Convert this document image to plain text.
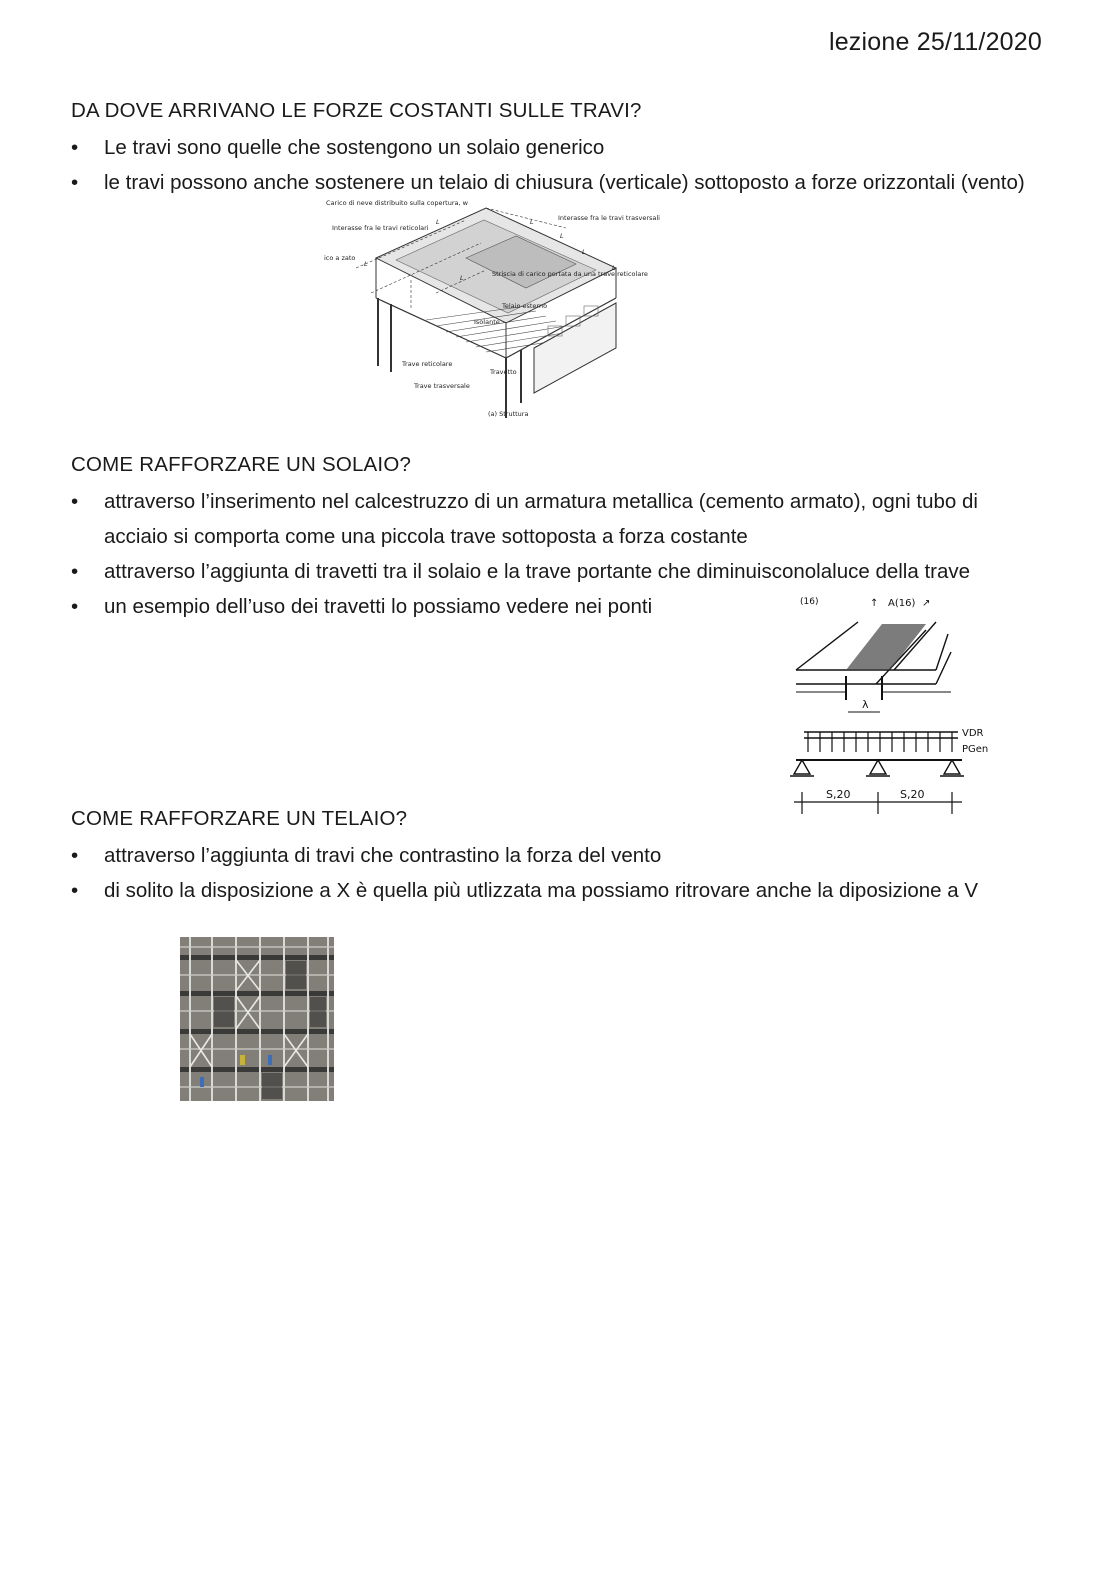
lezione 25/11/2020
DA DOVE ARRIVANO LE FORZE COSTANTI SULLE TRAVI?
• Le travi sono quelle che sostengono un solaio generico
• le travi possono anche sostenere un telaio di chiusura (verticale) sottoposto a forze orizzontali (vento)
Carico di neve distribuito sulla copertura, w
Interasse fra le travi reticolari
Interasse fra le travi trasversali
Striscia di carico portata da una trave reticolare
ico a zato
L
L	L
L
L
L
L
Telaio esterno
Isolante
Trave reticolare
Travetto
Trave trasversale
(a) Struttura
COME RAFFORZARE UN SOLAIO?
• attraverso l’inserimento nel calcestruzzo di un armatura metallica (cemento armato), ogni tubo di acciaio si comporta come una piccola trave sottoposta a forza costante
• attraverso l’aggiunta di travetti tra il solaio e la trave portante che diminuisconolaluce della trave
• un esempio dell’uso dei travetti lo possiamo vedere nei ponti	(16)	A(16)
↑	↗
λ
VDR
PGen
S,20	S,20
COME RAFFORZARE UN TELAIO?
• attraverso l’aggiunta di travi che contrastino la forza del vento
• di solito la disposizione a X è quella più utlizzata ma possiamo ritrovare anche la diposizione a V
